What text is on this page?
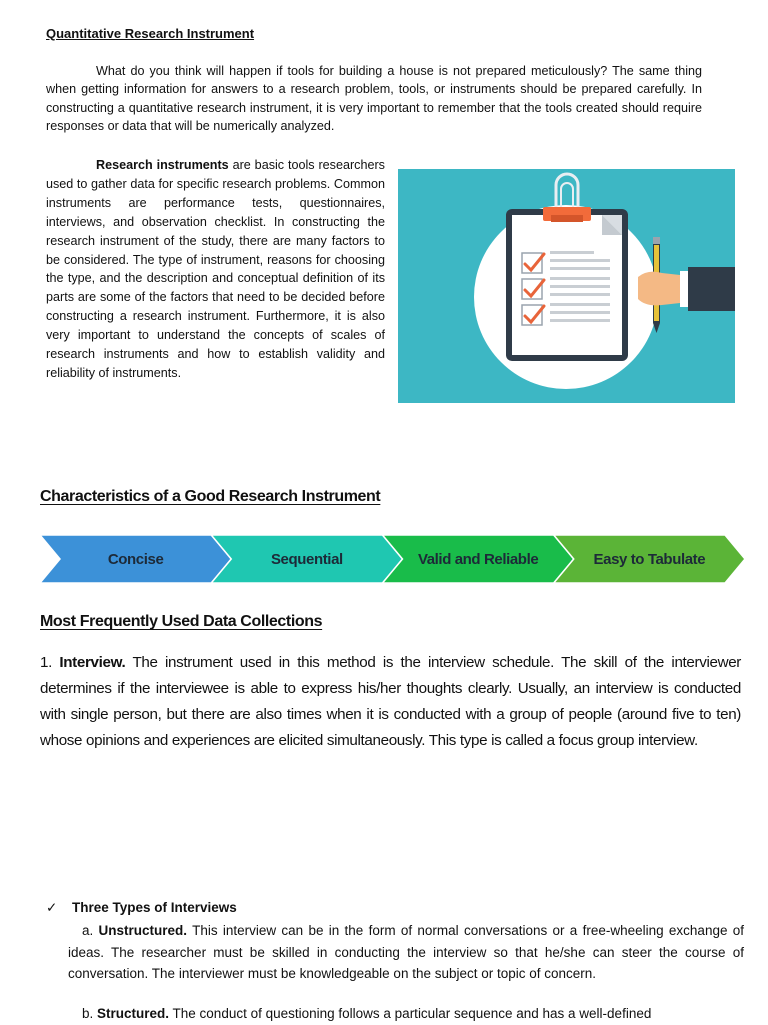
Quantitative Research Instrument

What do you think will happen if tools for building a house is not prepared meticulously? The same thing when getting information for answers to a research problem, tools, or instruments should be prepared carefully. In constructing a quantitative research instrument, it is very important to remember that the tools created should require responses or data that will be numerically analyzed.

Research instruments are basic tools researchers used to gather data for specific research problems. Common instruments are performance tests, questionnaires, interviews, and observation checklist. In constructing the research instrument of the study, there are many factors to be considered. The type of instrument, reasons for choosing the type, and the description and conceptual definition of its parts are some of the factors that need to be decided before constructing a research instrument. Furthermore, it is also very important to understand the concepts of scales of research instruments and how to establish validity and reliability of instruments.

Characteristics of a Good Research Instrument
Concise	Sequential	Valid and Reliable	Easy to Tabulate
Most Frequently Used Data Collections

1. Interview. The instrument used in this method is the interview schedule. The skill of the interviewer determines if the interviewee is able to express his/her thoughts clearly. Usually, an interview is conducted with single person, but there are also times when it is conducted with a group of people (around five to ten) whose opinions and experiences are elicited simultaneously. This type is called a focus group interview.

✓ Three Types of Interviews

a. Unstructured. This interview can be in the form of normal conversations or a free-wheeling exchange of ideas. The researcher must be skilled in conducting the interview so that he/she can steer the course of conversation. The interviewer must be knowledgeable on the subject or topic of concern.

b. Structured. The conduct of questioning follows a particular sequence and has a well-defined
